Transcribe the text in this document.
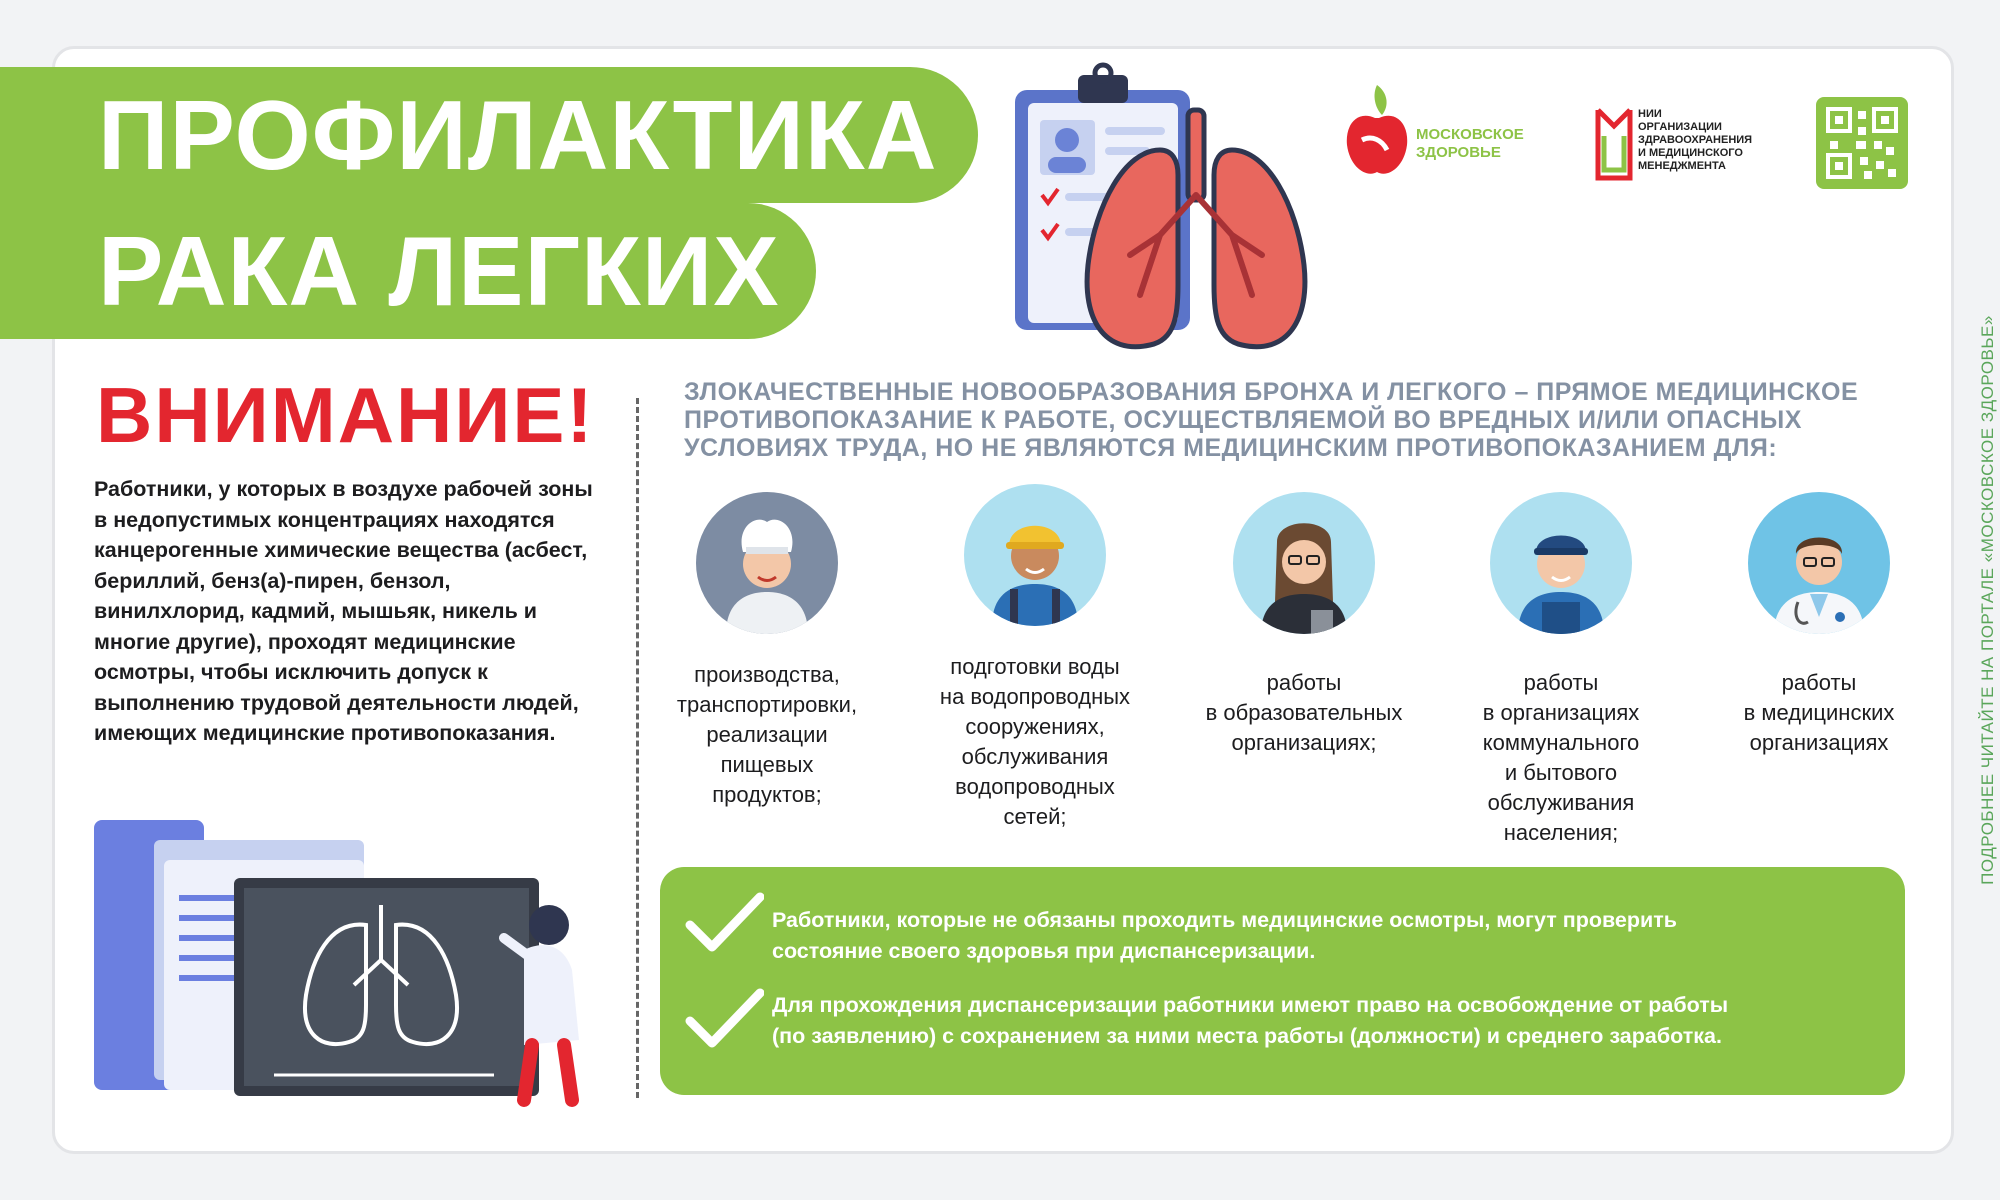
ПРОФИЛАКТИКА
РАКА ЛЕГКИХ
МОСКОВСКОЕ
ЗДОРОВЬЕ
НИИ
ОРГАНИЗАЦИИ
ЗДРАВООХРАНЕНИЯ
И МЕДИЦИНСКОГО
МЕНЕДЖМЕНТА
ВНИМАНИЕ!
Работники, у которых в воздухе рабочей зоны в недопустимых концентрациях находятся канцерогенные химические вещества (асбест, бериллий, бенз(а)-пирен, бензол, винилхлорид, кадмий, мышьяк, никель и многие другие), проходят медицинские осмотры, чтобы исключить допуск к выполнению трудовой деятельности людей, имеющих медицинские противопоказания.
ЗЛОКАЧЕСТВЕННЫЕ НОВООБРАЗОВАНИЯ БРОНХА И ЛЕГКОГО – ПРЯМОЕ МЕДИЦИНСКОЕ
ПРОТИВОПОКАЗАНИЕ К РАБОТЕ, ОСУЩЕСТВЛЯЕМОЙ ВО ВРЕДНЫХ И/ИЛИ ОПАСНЫХ
УСЛОВИЯХ ТРУДА, НО НЕ ЯВЛЯЮТСЯ МЕДИЦИНСКИМ ПРОТИВОПОКАЗАНИЕМ ДЛЯ:
производства,
транспортировки,
реализации
пищевых
продуктов;
подготовки воды
на водопроводных
сооружениях,
обслуживания
водопроводных
сетей;
работы
в образовательных
организациях;
работы
в организациях
коммунального
и бытового
обслуживания
населения;
работы
в медицинских
организациях
Работники, которые не обязаны проходить медицинские осмотры, могут проверить
состояние своего здоровья при диспансеризации.
Для прохождения диспансеризации работники имеют право на освобождение от работы
(по заявлению) с сохранением за ними места работы (должности) и среднего заработка.
ПОДРОБНЕЕ ЧИТАЙТЕ НА ПОРТАЛЕ «МОСКОВСКОЕ ЗДОРОВЬЕ»
